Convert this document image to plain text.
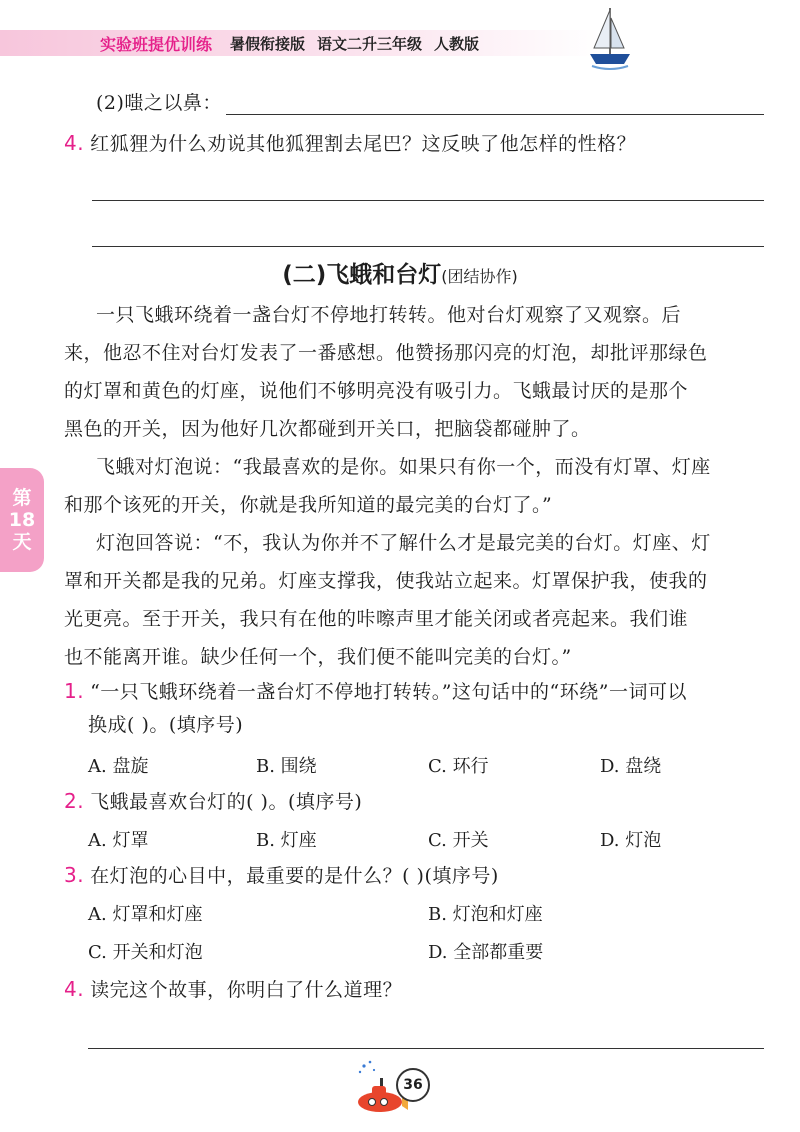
实验班提优训练 暑假衔接版 语文二升三年级 人教版
(2)嗤之以鼻：
4. 红狐狸为什么劝说其他狐狸割去尾巴？这反映了他怎样的性格？
(二)飞蛾和台灯(团结协作)
一只飞蛾环绕着一盏台灯不停地打转转。他对台灯观察了又观察。后
来，他忍不住对台灯发表了一番感想。他赞扬那闪亮的灯泡，却批评那绿色
的灯罩和黄色的灯座，说他们不够明亮没有吸引力。飞蛾最讨厌的是那个
黑色的开关，因为他好几次都碰到开关口，把脑袋都碰肿了。
飞蛾对灯泡说：“我最喜欢的是你。如果只有你一个，而没有灯罩、灯座
和那个该死的开关，你就是我所知道的最完美的台灯了。”
灯泡回答说：“不，我认为你并不了解什么才是最完美的台灯。灯座、灯
罩和开关都是我的兄弟。灯座支撑我，使我站立起来。灯罩保护我，使我的
光更亮。至于开关，我只有在他的咔嚓声里才能关闭或者亮起来。我们谁
也不能离开谁。缺少任何一个，我们便不能叫完美的台灯。”
第
18
天
1. “一只飞蛾环绕着一盏台灯不停地打转转。”这句话中的“环绕”一词可以
换成( )。(填序号)
A. 盘旋	B. 围绕	C. 环行	D. 盘绕
2. 飞蛾最喜欢台灯的( )。(填序号)
A. 灯罩	B. 灯座	C. 开关	D. 灯泡
3. 在灯泡的心目中，最重要的是什么？( )(填序号)
A. 灯罩和灯座	B. 灯泡和灯座
C. 开关和灯泡	D. 全部都重要
4. 读完这个故事，你明白了什么道理？
36
